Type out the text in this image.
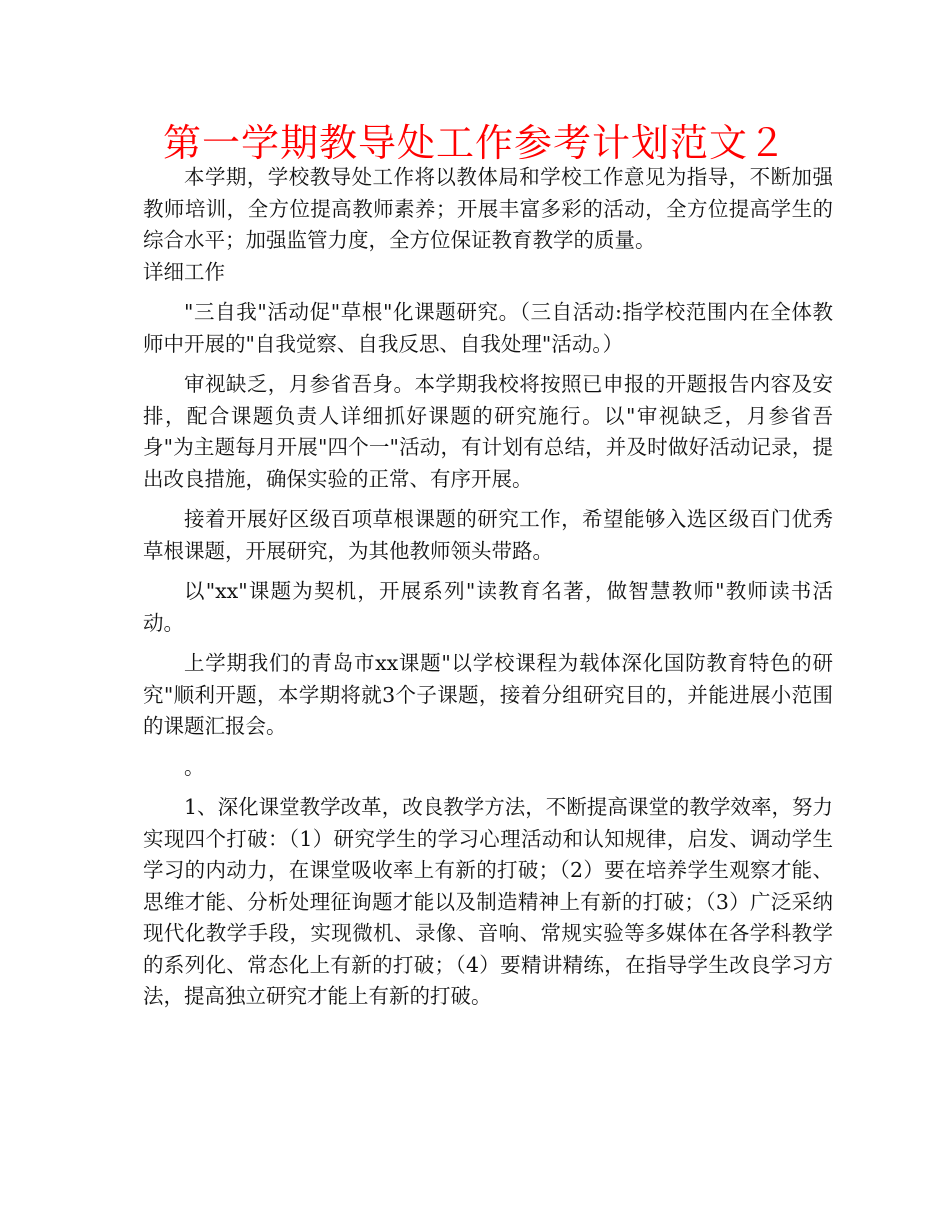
第一学期教导处工作参考计划范文２

本学期，学校教导处工作将以教体局和学校工作意见为指导，不断加强教师培训，全方位提高教师素养；开展丰富多彩的活动，全方位提高学生的综合水平；加强监管力度，全方位保证教育教学的质量。

详细工作

"三自我"活动促"草根"化课题研究。（三自活动:指学校范围内在全体教师中开展的"自我觉察、自我反思、自我处理"活动。）

审视缺乏，月参省吾身。本学期我校将按照已申报的开题报告内容及安排，配合课题负责人详细抓好课题的研究施行。以"审视缺乏，月参省吾身"为主题每月开展"四个一"活动，有计划有总结，并及时做好活动记录，提出改良措施，确保实验的正常、有序开展。

接着开展好区级百项草根课题的研究工作，希望能够入选区级百门优秀草根课题，开展研究，为其他教师领头带路。

以"xx"课题为契机，开展系列"读教育名著，做智慧教师"教师读书活动。

上学期我们的青岛市xx课题"以学校课程为载体深化国防教育特色的研究"顺利开题，本学期将就3个子课题，接着分组研究目的，并能进展小范围的课题汇报会。

。

1、深化课堂教学改革，改良教学方法，不断提高课堂的教学效率，努力实现四个打破：（1）研究学生的学习心理活动和认知规律，启发、调动学生学习的内动力，在课堂吸收率上有新的打破；（2）要在培养学生观察才能、思维才能、分析处理征询题才能以及制造精神上有新的打破；（3）广泛采纳现代化教学手段，实现微机、录像、音响、常规实验等多媒体在各学科教学的系列化、常态化上有新的打破；（4）要精讲精练，在指导学生改良学习方法，提高独立研究才能上有新的打破。
